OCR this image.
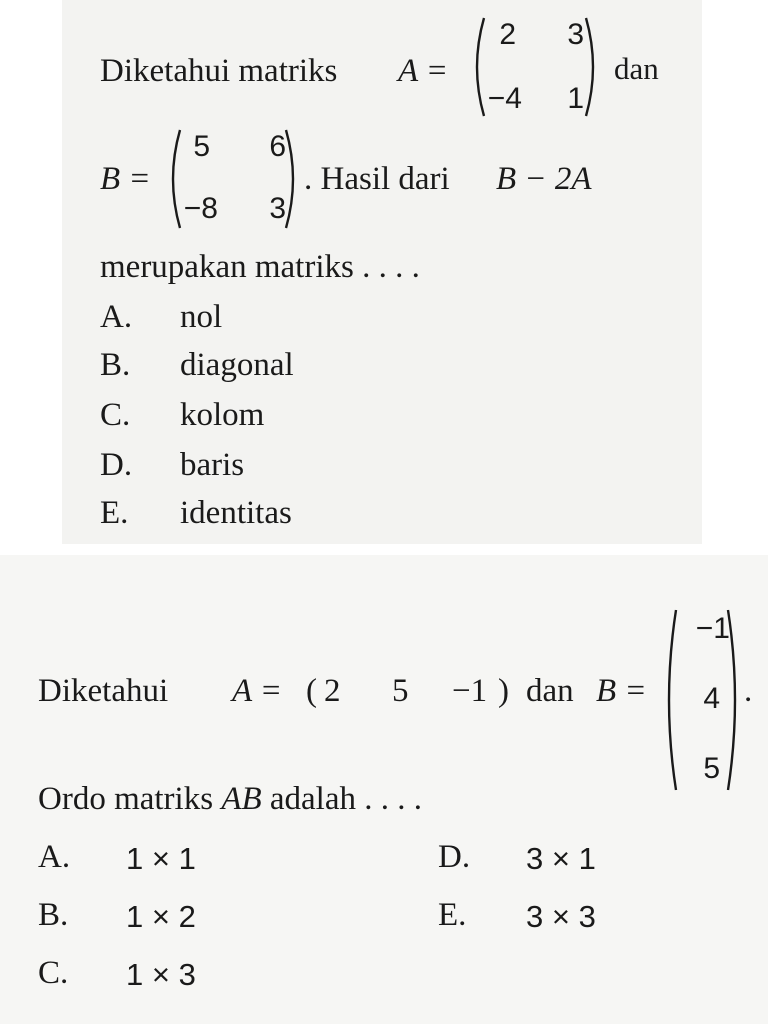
Diketahui matriks A =
2 3
−4 1
dan
B =
5 6
−8 3
. Hasil dari B − 2A
merupakan matriks . . . .
A. nol
B. diagonal
C. kolom
D. baris
E. identitas
Diketahui A = ( 2 5 −1 ) dan B =
−1
4
5
.
Ordo matriks AB adalah . . . .
A. 1 × 1
B. 1 × 2
C. 1 × 3
D. 3 × 1
E. 3 × 3
